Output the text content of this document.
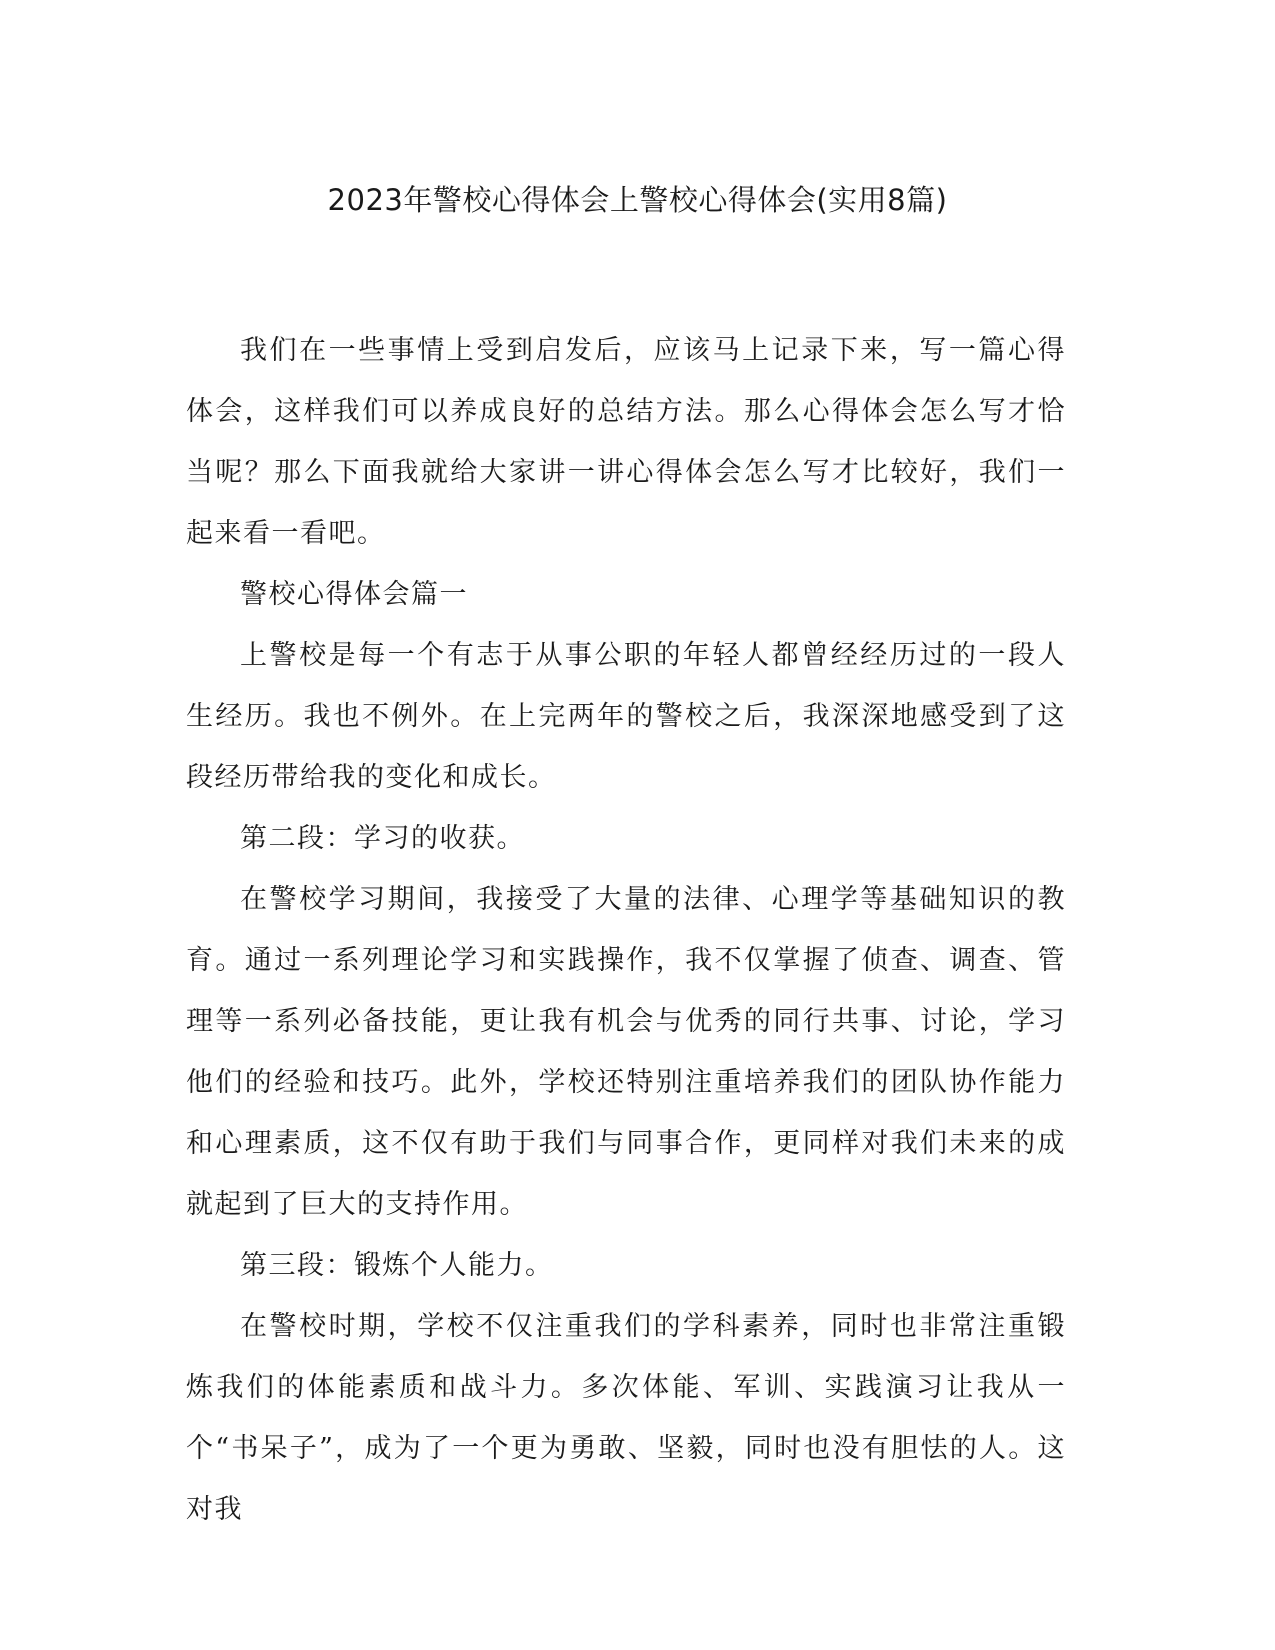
2023年警校心得体会上警校心得体会(实用8篇)

我们在一些事情上受到启发后，应该马上记录下来，写一篇心得体会，这样我们可以养成良好的总结方法。那么心得体会怎么写才恰当呢？那么下面我就给大家讲一讲心得体会怎么写才比较好，我们一起来看一看吧。

警校心得体会篇一

上警校是每一个有志于从事公职的年轻人都曾经经历过的一段人生经历。我也不例外。在上完两年的警校之后，我深深地感受到了这段经历带给我的变化和成长。

第二段：学习的收获。

在警校学习期间，我接受了大量的法律、心理学等基础知识的教育。通过一系列理论学习和实践操作，我不仅掌握了侦查、调查、管理等一系列必备技能，更让我有机会与优秀的同行共事、讨论，学习他们的经验和技巧。此外，学校还特别注重培养我们的团队协作能力和心理素质，这不仅有助于我们与同事合作，更同样对我们未来的成就起到了巨大的支持作用。

第三段：锻炼个人能力。

在警校时期，学校不仅注重我们的学科素养，同时也非常注重锻炼我们的体能素质和战斗力。多次体能、军训、实践演习让我从一个“书呆子”，成为了一个更为勇敢、坚毅，同时也没有胆怯的人。这对我
